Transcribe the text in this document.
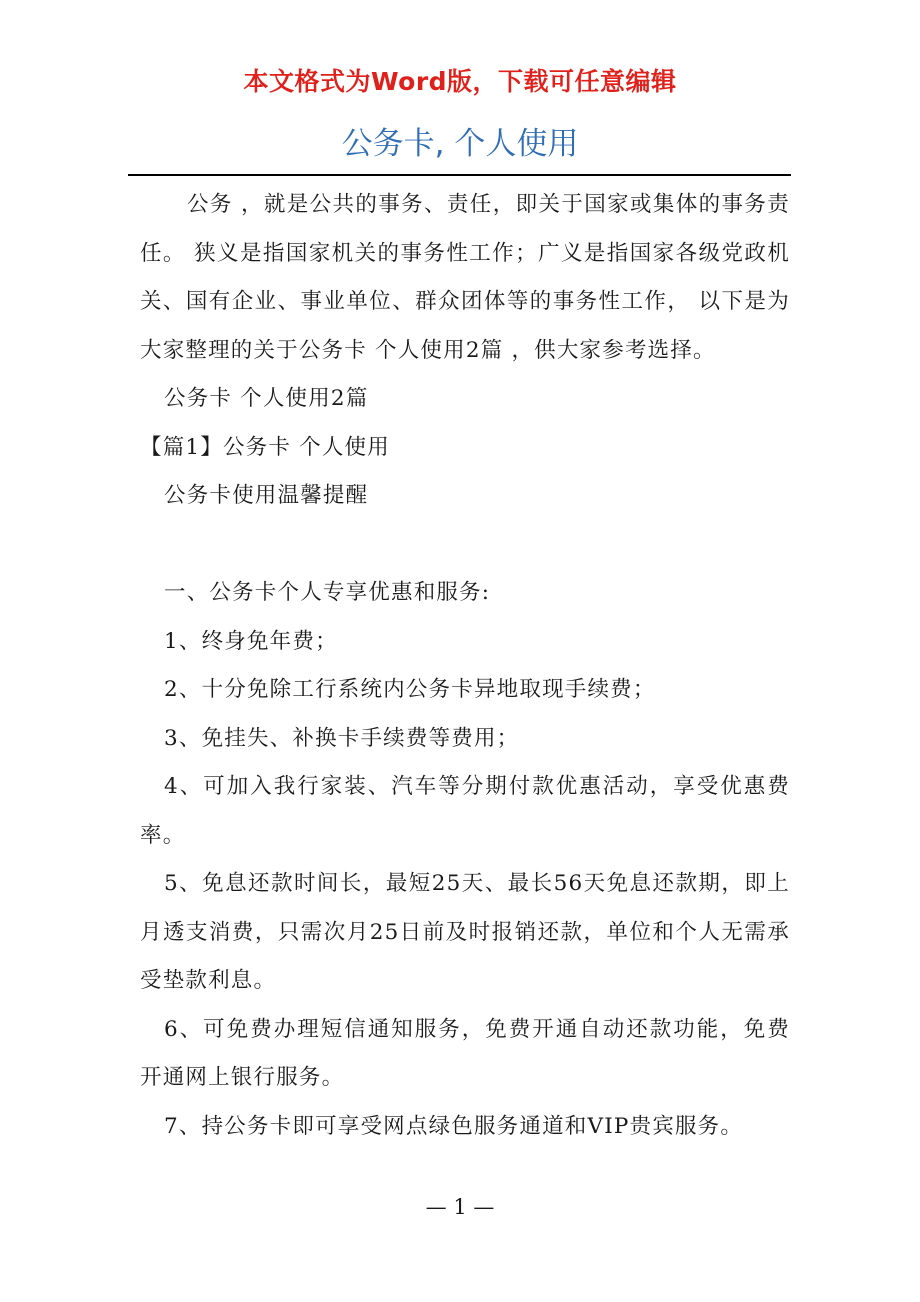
本文格式为Word版，下载可任意编辑
公务卡, 个人使用

公务 ，就是公共的事务、责任，即关于国家或集体的事务责任。 狭义是指国家机关的事务性工作；广义是指国家各级党政机关、国有企业、事业单位、群众团体等的事务性工作， 以下是为大家整理的关于公务卡 个人使用2篇 ，供大家参考选择。

公务卡 个人使用2篇

【篇1】公务卡 个人使用

公务卡使用温馨提醒

一、公务卡个人专享优惠和服务:

1、终身免年费；

2、十分免除工行系统内公务卡异地取现手续费；

3、免挂失、补换卡手续费等费用；

4、可加入我行家装、汽车等分期付款优惠活动，享受优惠费率。

5、免息还款时间长，最短25天、最长56天免息还款期，即上月透支消费，只需次月25日前及时报销还款，单位和个人无需承受垫款利息。

6、可免费办理短信通知服务，免费开通自动还款功能，免费开通网上银行服务。

7、持公务卡即可享受网点绿色服务通道和VIP贵宾服务。

— 1 —
